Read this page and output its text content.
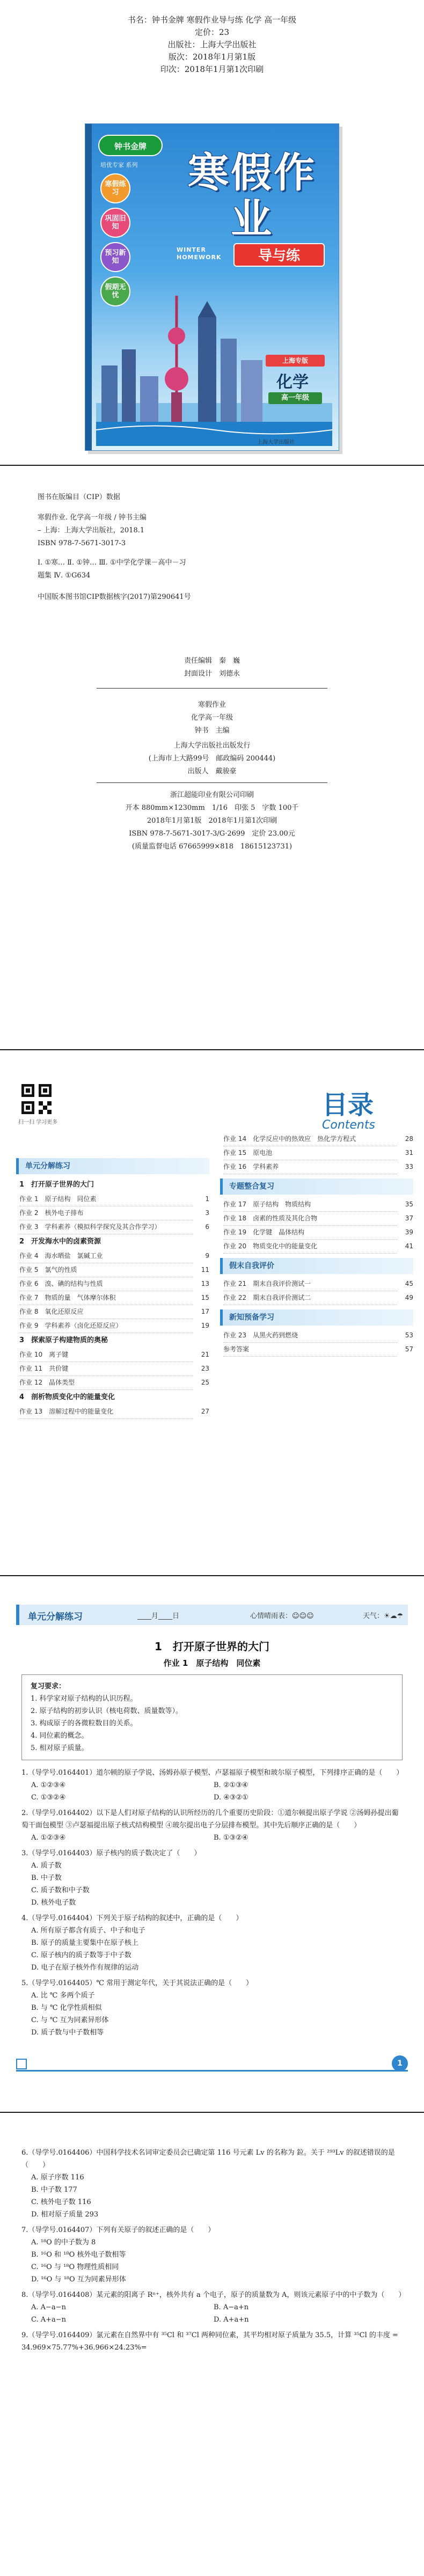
书名：钟书金牌 寒假作业导与练 化学 高一年级
定价：23
出版社：上海大学出版社
版次：2018年1月第1版
印次：2018年1月第1次印刷
钟书金牌
培优专家 系列
寒假练习
巩固旧知
预习新知
假期无忧
寒假作业
WINTER HOMEWORK	导与练
上海专版
化学
高一年级
上海大学出版社
图书在版编目（CIP）数据
寒假作业. 化学高一年级 / 钟书主编
– 上海：上海大学出版社，2018.1
ISBN 978-7-5671-3017-3
Ⅰ. ①寒… Ⅱ. ①钟… Ⅲ. ①中学化学课－高中－习
题集 Ⅳ. ①G634
中国版本图书馆CIP数据核字(2017)第290641号
责任编辑　秦　巍
封面设计　刘德永
寒假作业
化学高一年级
钟书　主编
上海大学出版社出版发行
(上海市上大路99号　邮政编码 200444)
出版人　戴骏豪
浙江超能印业有限公司印刷
开本 880mm×1230mm　1/16　印张 5　字数 100千
2018年1月第1版　2018年1月第1次印刷
ISBN 978-7-5671-3017-3/G·2699　定价 23.00元
(质量监督电话 67665999×818　18615123731)
扫一扫 学习更多
目录
Contents
单元分解练习
1　打开原子世界的大门
作业 1　原子结构　同位素	1
作业 2　核外电子排布	3
作业 3　学科素养（模拟科学探究及其合作学习）	6
2　开发海水中的卤素资源
作业 4　海水晒盐　氯碱工业	9
作业 5　氯气的性质	11
作业 6　溴、碘的结构与性质	13
作业 7　物质的量　气体摩尔体积	15
作业 8　氧化还原反应	17
作业 9　学科素养（卤化还原反应）	19
3　探索原子构建物质的奥秘
作业 10　离子键	21
作业 11　共价键	23
作业 12　晶体类型	25
4　剖析物质变化中的能量变化
作业 13　溶解过程中的能量变化	27
作业 14　化学反应中的热效应　热化学方程式	28
作业 15　原电池	31
作业 16　学科素养	33
专题整合复习
作业 17　原子结构　物质结构	35
作业 18　卤素的性质及其化合物	37
作业 19　化学键　晶体结构	39
作业 20　物质变化中的能量变化	41
假末自我评价
作业 21　期末自我评价测试一	45
作业 22　期末自我评价测试二	49
新知预备学习
作业 23　从黑火药到燃烧	53
参考答案	57
单元分解练习	____月____日	心情晴雨表：☺☺☺	天气：☀☁☂
1　打开原子世界的大门
作业 1　原子结构　同位素
复习要求：
1. 科学家对原子结构的认识历程。
2. 原子结构的初步认识（核电荷数、质量数等）。
3. 构成原子的各微粒数目的关系。
4. 同位素的概念。
5. 相对原子质量。
1.（导学号.0164401）道尔顿的原子学说、汤姆孙原子模型、卢瑟福原子模型和玻尔原子模型，下列排序正确的是（　　）
A. ①②③④	B. ②①③④
C. ①③②④	D. ④③②①
2.（导学号.0164402）以下是人们对原子结构的认识所经历的几个重要历史阶段：①道尔顿提出原子学说 ②汤姆孙提出葡萄干面包模型 ③卢瑟福提出原子核式结构模型 ④玻尔提出电子分层排布模型。其中先后顺序正确的是（　　）
A. ①②③④	B. ①③②④
3.（导学号.0164403）原子核内的质子数决定了（　　）
A. 质子数
B. 中子数
C. 质子数和中子数
D. 核外电子数
4.（导学号.0164404）下列关于原子结构的叙述中，正确的是（　　）
A. 所有原子都含有质子、中子和电子
B. 原子的质量主要集中在原子核上
C. 原子核内的质子数等于中子数
D. 电子在原子核外作有规律的运动
5.（导学号.0164405）℃ 常用于测定年代，关于其说法正确的是（　　）
A. 比 ℃ 多两个质子
B. 与 ℃ 化学性质相似
C. 与 ℃ 互为同素异形体
D. 质子数与中子数相等
1
6.（导学号.0164406）中国科学技术名词审定委员会已确定第 116 号元素 Lv 的名称为 鉝。关于 ²⁹³Lv 的叙述错误的是（　　）
A. 原子序数 116
B. 中子数 177
C. 核外电子数 116
D. 相对原子质量 293
7.（导学号.0164407）下列有关原子的叙述正确的是（　　）
A. ¹⁸O 的中子数为 8
B. ¹⁶O 和 ¹⁸O 核外电子数相等
C. ¹⁶O 与 ¹⁸O 物理性质相同
D. ¹⁶O 与 ¹⁸O 互为同素异形体
8.（导学号.0164408）某元素的阳离子 Rⁿ⁺，核外共有 a 个电子，原子的质量数为 A，则该元素原子中的中子数为（　　）
A. A−a−n	B. A−a+n
C. A+a−n	D. A+a+n
9.（导学号.0164409）氯元素在自然界中有 ³⁵Cl 和 ³⁷Cl 两种同位素，其平均相对原子质量为 35.5，计算 ³⁵Cl 的丰度 = 34.969×75.77%+36.966×24.23%=
